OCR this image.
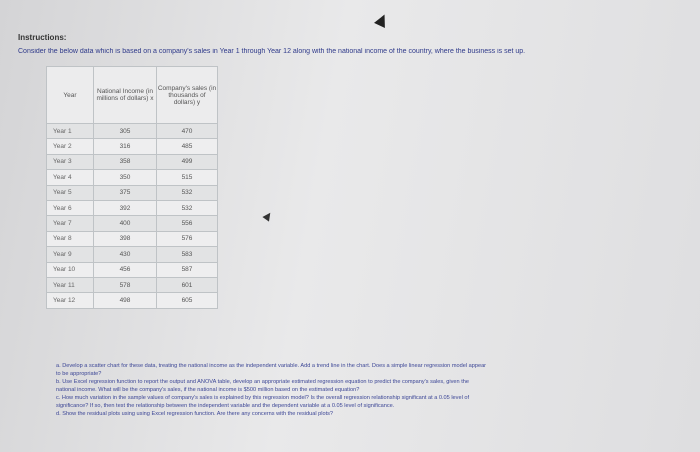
Instructions:
Consider the below data which is based on a company's sales in Year 1 through Year 12 along with the national income of the country, where the business is set up.
Year	National Income (in millions of dollars) x	Company's sales (in thousands of dollars) y
Year 1	305	470
Year 2	316	485
Year 3	358	499
Year 4	350	515
Year 5	375	532
Year 6	392	532
Year 7	400	556
Year 8	398	576
Year 9	430	583
Year 10	456	587
Year 11	578	601
Year 12	498	605
a. Develop a scatter chart for these data, treating the national income as the independent variable. Add a trend line in the chart. Does a simple linear regression model appear
to be appropriate?
b. Use Excel regression function to report the output and ANOVA table, develop an appropriate estimated regression equation to predict the company's sales, given the
national income. What will be the company's sales, if the national income is $500 million based on the estimated equation?
c. How much variation in the sample values of company's sales is explained by this regression model? Is the overall regression relationship significant at a 0.05 level of
significance? If so, then test the relationship between the independent variable and the dependent variable at a 0.05 level of significance.
d. Show the residual plots using using Excel regression function. Are there any concerns with the residual plots?
